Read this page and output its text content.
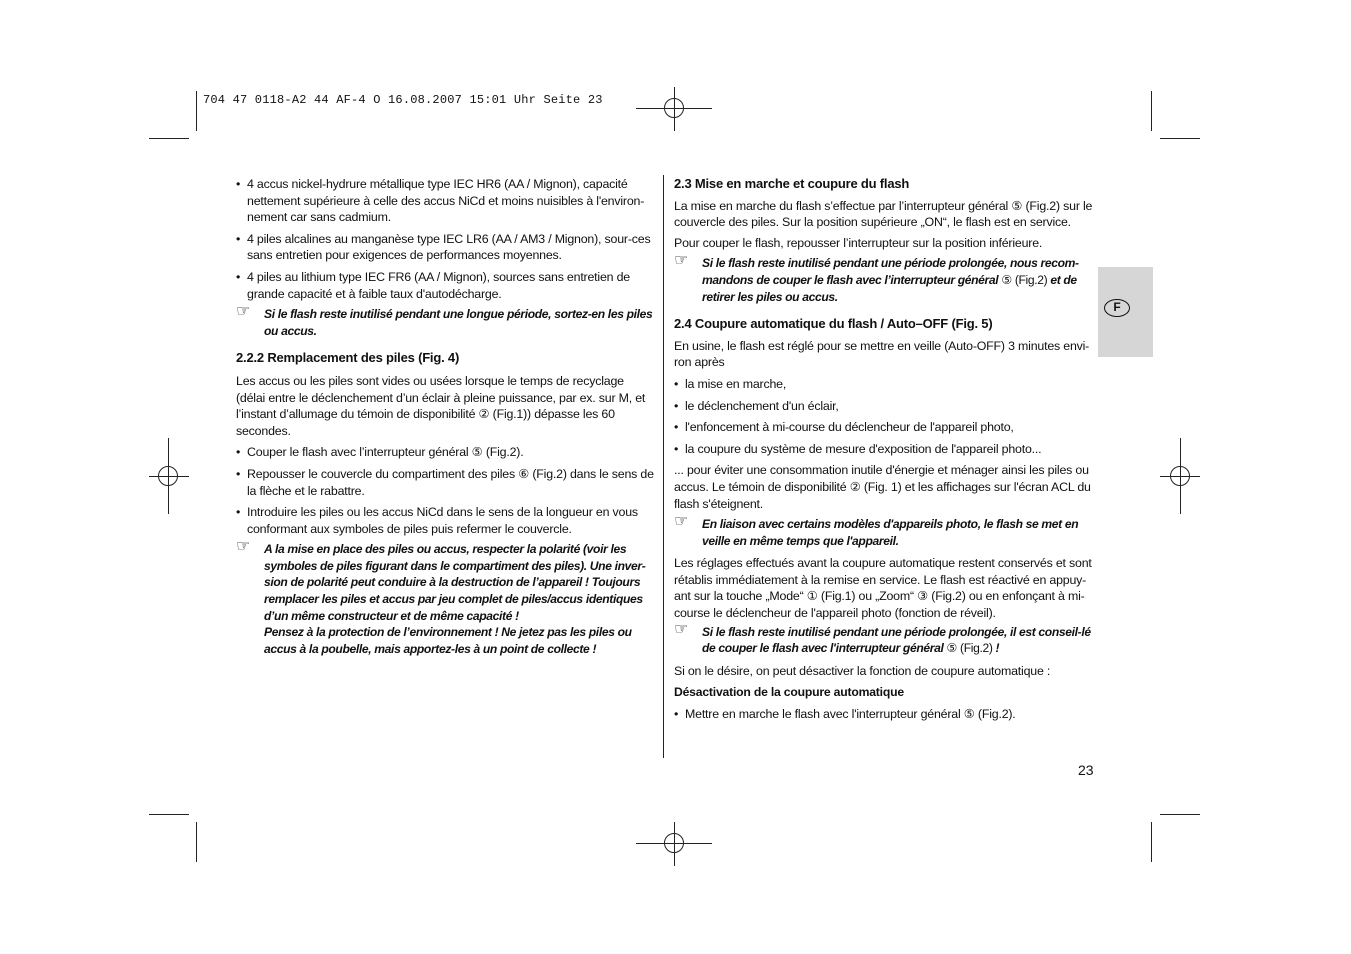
704 47 0118-A2 44 AF-4 O 16.08.2007 15:01 Uhr Seite 23
F

• 4 accus nickel-hydrure métallique type IEC HR6 (AA / Mignon), capacité nettement supérieure à celle des accus NiCd et moins nuisibles à l'environ-nement car sans cadmium.

• 4 piles alcalines au manganèse type IEC LR6 (AA / AM3 / Mignon), sour-ces sans entretien pour exigences de performances moyennes.

• 4 piles au lithium type IEC FR6 (AA / Mignon), sources sans entretien de grande capacité et à faible taux d'autodécharge.

☞ Si le flash reste inutilisé pendant une longue période, sortez-en les piles ou accus.

2.2.2 Remplacement des piles (Fig. 4)

Les accus ou les piles sont vides ou usées lorsque le temps de recyclage (délai entre le déclenchement d’un éclair à pleine puissance, par ex. sur M, et l’instant d’allumage du témoin de disponibilité ② (Fig.1)) dépasse les 60 secondes.

• Couper le flash avec l’interrupteur général ⑤ (Fig.2).

• Repousser le couvercle du compartiment des piles ⑥ (Fig.2) dans le sens de la flèche et le rabattre.

• Introduire les piles ou les accus NiCd dans le sens de la longueur en vous conformant aux symboles de piles puis refermer le couvercle.

☞ A la mise en place des piles ou accus, respecter la polarité (voir les symboles de piles figurant dans le compartiment des piles). Une inver-sion de polarité peut conduire à la destruction de l’appareil ! Toujours remplacer les piles et accus par jeu complet de piles/accus identiques d’un même constructeur et de même capacité !
Pensez à la protection de l’environnement ! Ne jetez pas les piles ou accus à la poubelle, mais apportez-les à un point de collecte !

2.3 Mise en marche et coupure du flash

La mise en marche du flash s’effectue par l’interrupteur général ⑤ (Fig.2) sur le couvercle des piles. Sur la position supérieure „ON“, le flash est en service.

Pour couper le flash, repousser l’interrupteur sur la position inférieure.

☞ Si le flash reste inutilisé pendant une période prolongée, nous recom-mandons de couper le flash avec l’interrupteur général ⑤ (Fig.2) et de retirer les piles ou accus.

2.4 Coupure automatique du flash / Auto–OFF (Fig. 5)

En usine, le flash est réglé pour se mettre en veille (Auto-OFF) 3 minutes envi-ron après

• la mise en marche,

• le déclenchement d'un éclair,

• l'enfoncement à mi-course du déclencheur de l'appareil photo,

• la coupure du système de mesure d'exposition de l'appareil photo...

... pour éviter une consommation inutile d'énergie et ménager ainsi les piles ou accus. Le témoin de disponibilité ② (Fig. 1) et les affichages sur l'écran ACL du flash s'éteignent.

☞ En liaison avec certains modèles d'appareils photo, le flash se met en veille en même temps que l'appareil.

Les réglages effectués avant la coupure automatique restent conservés et sont rétablis immédiatement à la remise en service. Le flash est réactivé en appuy-ant sur la touche „Mode“ ① (Fig.1) ou „Zoom“ ③ (Fig.2) ou en enfonçant à mi-course le déclencheur de l'appareil photo (fonction de réveil).

☞ Si le flash reste inutilisé pendant une période prolongée, il est conseil-lé de couper le flash avec l'interrupteur général ⑤ (Fig.2) !

Si on le désire, on peut désactiver la fonction de coupure automatique :

Désactivation de la coupure automatique

• Mettre en marche le flash avec l'interrupteur général ⑤ (Fig.2).

23
